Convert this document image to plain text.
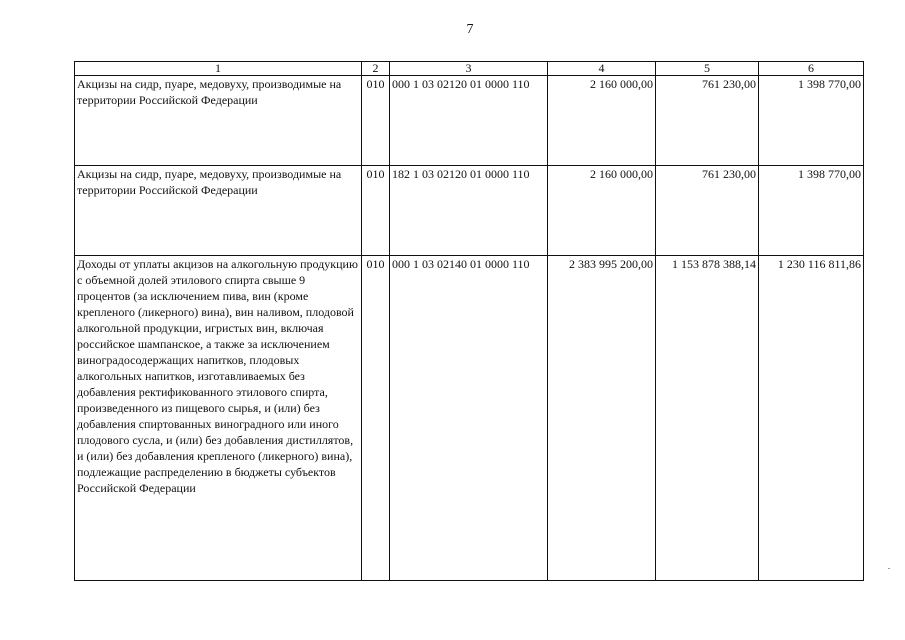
7
1	2	3	4	5	6
Акцизы на сидр, пуаре, медовуху, производимые на территории Российской Федерации	010	000 1 03 02120 01 0000 110	2 160 000,00	761 230,00	1 398 770,00
Акцизы на сидр, пуаре, медовуху, производимые на территории Российской Федерации	010	182 1 03 02120 01 0000 110	2 160 000,00	761 230,00	1 398 770,00
Доходы от уплаты акцизов на алкогольную продукцию с объемной долей этилового спирта свыше 9 процентов (за исключением пива, вин (кроме крепленого (ликерного) вина), вин наливом, плодовой алкогольной продукции, игристых вин, включая российское шампанское, а также за исключением виноградосодержащих напитков, плодовых алкогольных напитков, изготавливаемых без добавления ректификованного этилового спирта, произведенного из пищевого сырья, и (или) без добавления спиртованных виноградного или иного плодового сусла, и (или) без добавления дистиллятов, и (или) без добавления крепленого (ликерного) вина), подлежащие распределению в бюджеты субъектов Российской Федерации	010	000 1 03 02140 01 0000 110	2 383 995 200,00	1 153 878 388,14	1 230 116 811,86
